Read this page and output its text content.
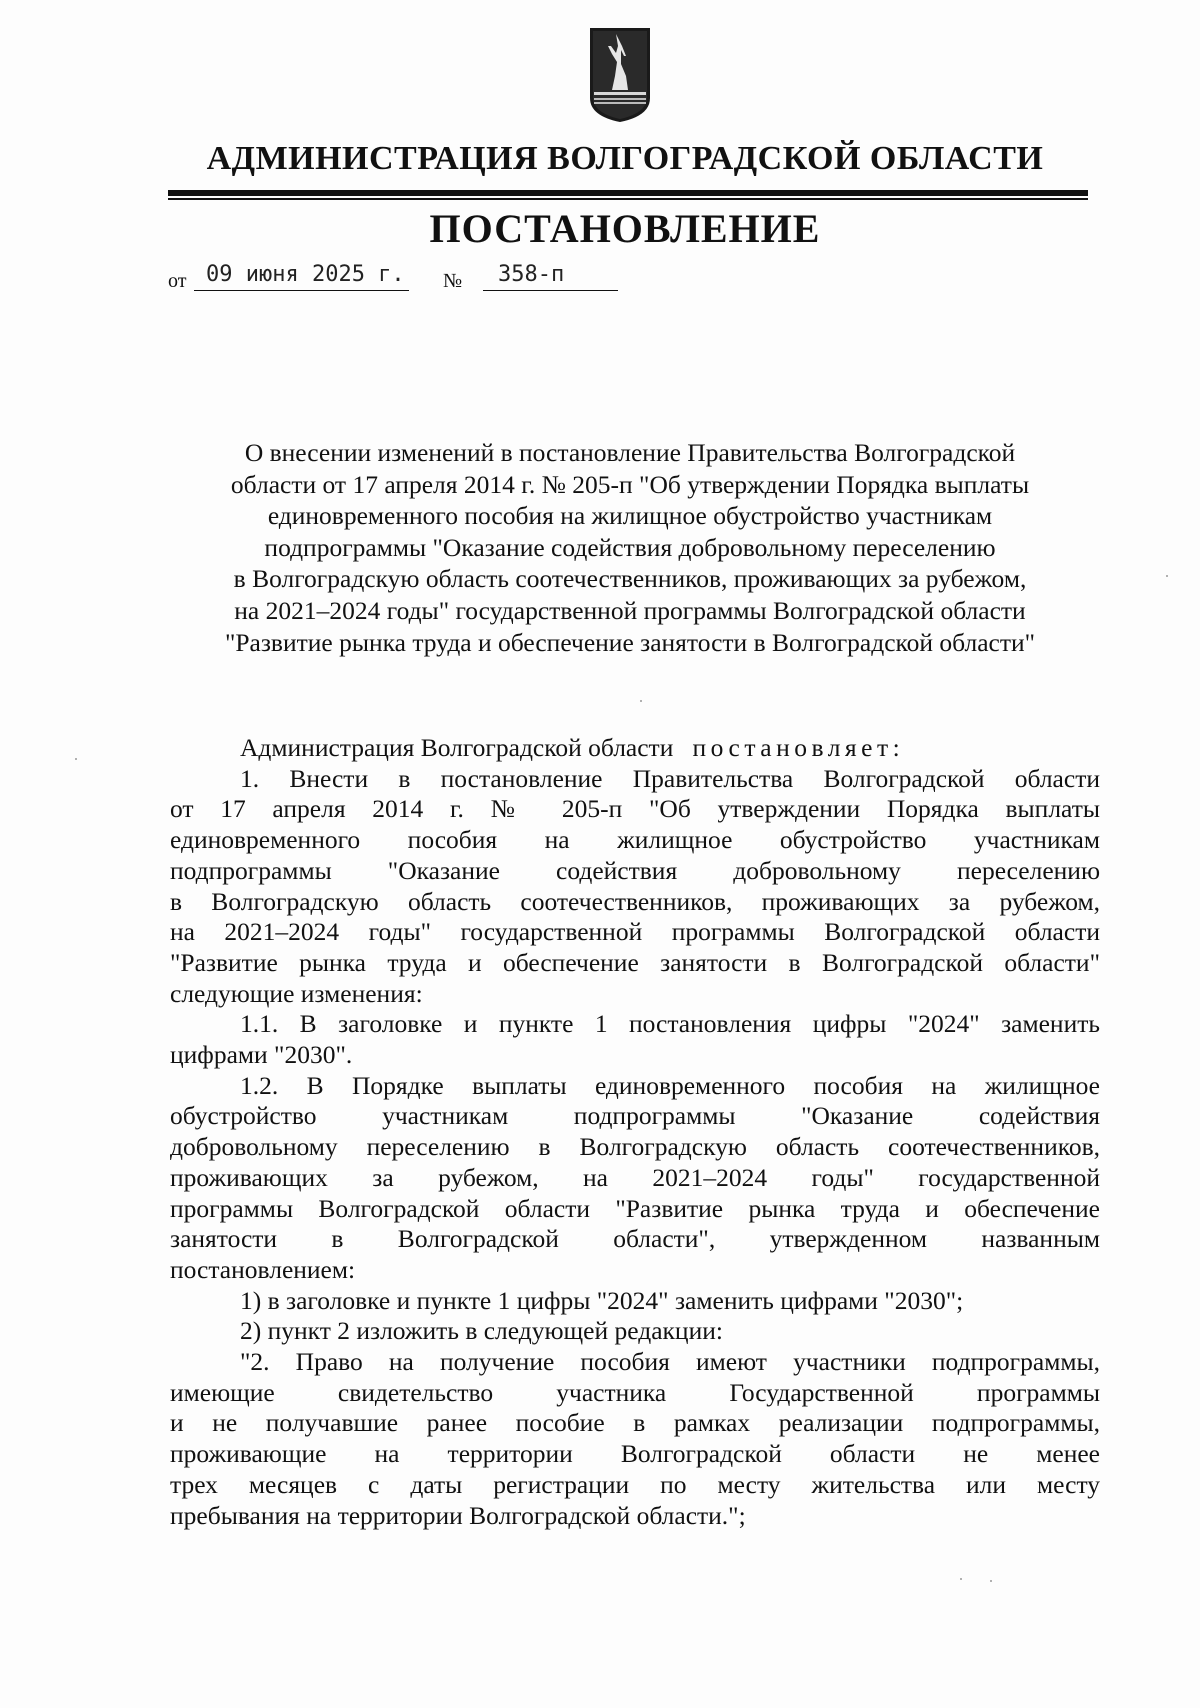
АДМИНИСТРАЦИЯ ВОЛГОГРАДСКОЙ ОБЛАСТИ
ПОСТАНОВЛЕНИЕ
от 09 июня 2025 г. №	358-п
О внесении изменений в постановление Правительства Волгоградской
области от 17 апреля 2014 г. № 205-п "Об утверждении Порядка выплаты
единовременного пособия на жилищное обустройство участникам
подпрограммы "Оказание содействия добровольному переселению
в Волгоградскую область соотечественников, проживающих за рубежом,
на 2021–2024 годы" государственной программы Волгоградской области
"Развитие рынка труда и обеспечение занятости в Волгоградской области"
Администрация Волгоградской области постановляет:
1. Внести в постановление Правительства Волгоградской области
от 17 апреля 2014 г. № 205-п "Об утверждении Порядка выплаты
единовременного пособия на жилищное обустройство участникам
подпрограммы "Оказание содействия добровольному переселению
в Волгоградскую область соотечественников, проживающих за рубежом,
на 2021–2024 годы" государственной программы Волгоградской области
"Развитие рынка труда и обеспечение занятости в Волгоградской области"
следующие изменения:
1.1. В заголовке и пункте 1 постановления цифры "2024" заменить
цифрами "2030".
1.2. В Порядке выплаты единовременного пособия на жилищное
обустройство участникам подпрограммы "Оказание содействия
добровольному переселению в Волгоградскую область соотечественников,
проживающих за рубежом, на 2021–2024 годы" государственной
программы Волгоградской области "Развитие рынка труда и обеспечение
занятости в Волгоградской области", утвержденном названным
постановлением:
1) в заголовке и пункте 1 цифры "2024" заменить цифрами "2030";
2) пункт 2 изложить в следующей редакции:
"2. Право на получение пособия имеют участники подпрограммы,
имеющие свидетельство участника Государственной программы
и не получавшие ранее пособие в рамках реализации подпрограммы,
проживающие на территории Волгоградской области не менее
трех месяцев с даты регистрации по месту жительства или месту
пребывания на территории Волгоградской области.";
